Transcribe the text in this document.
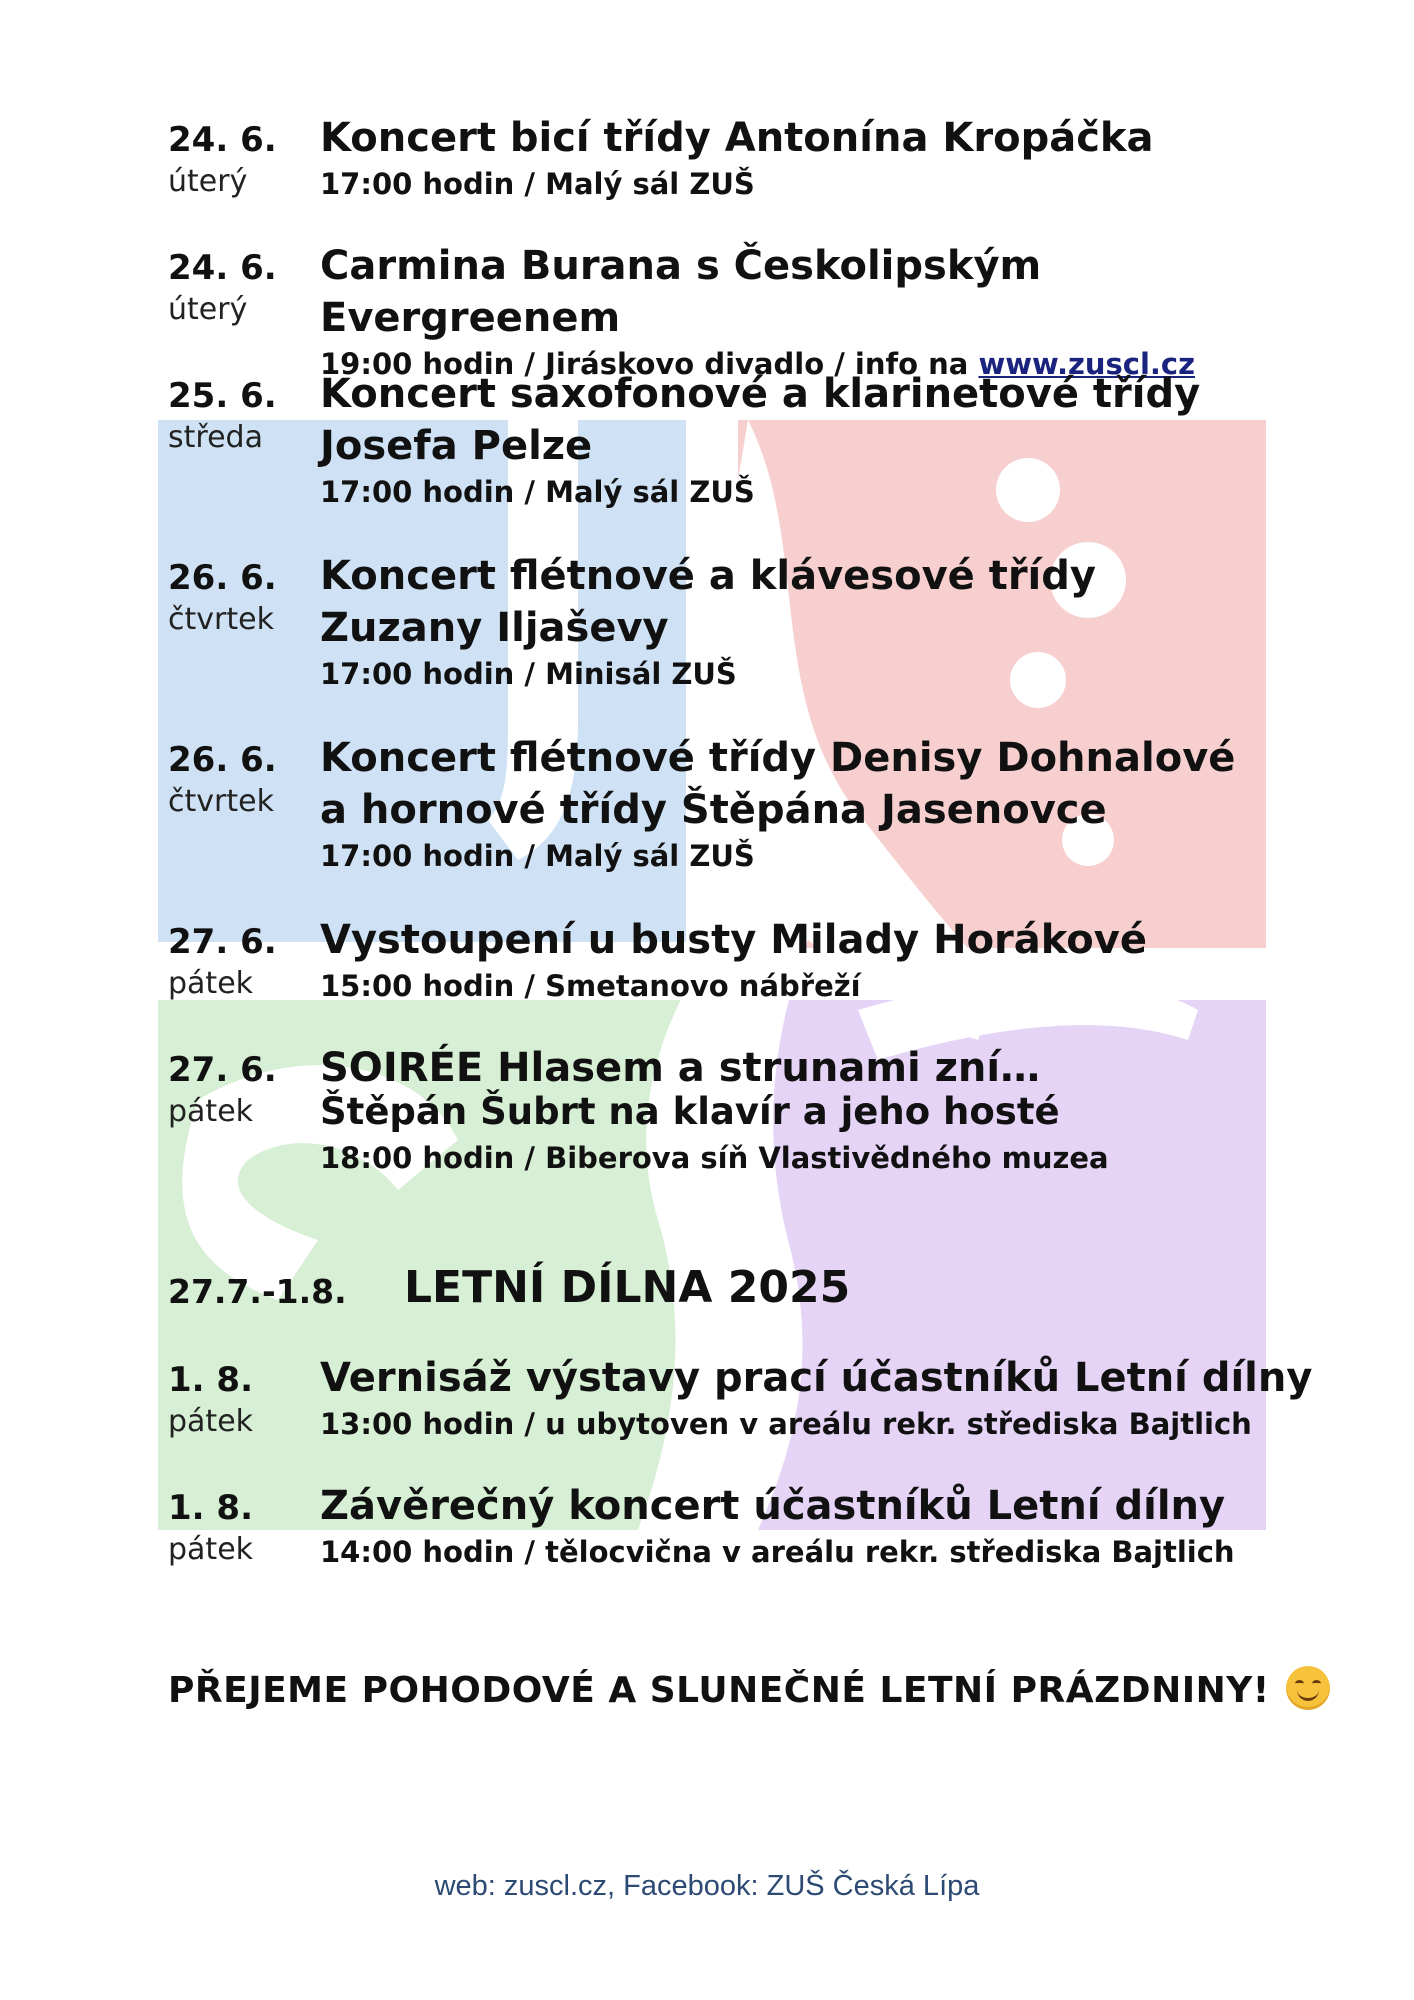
24. 6.
úterý
Koncert bicí třídy Antonína Kropáčka
17:00 hodin / Malý sál ZUŠ
24. 6.
úterý
Carmina Burana s Českolipským Evergreenem
19:00 hodin / Jiráskovo divadlo / info na www.zuscl.cz
25. 6.
středa
Koncert saxofonové a klarinetové třídy
Josefa Pelze
17:00 hodin / Malý sál ZUŠ
26. 6.
čtvrtek
Koncert flétnové a klávesové třídy
Zuzany Iljaševy
17:00 hodin / Minisál ZUŠ
26. 6.
čtvrtek
Koncert flétnové třídy Denisy Dohnalové
a hornové třídy Štěpána Jasenovce
17:00 hodin / Malý sál ZUŠ
27. 6.
pátek
Vystoupení u busty Milady Horákové
15:00 hodin / Smetanovo nábřeží
27. 6.
pátek
SOIRÉE Hlasem a strunami zní…
Štěpán Šubrt na klavír a jeho hosté
18:00 hodin / Biberova síň Vlastivědného muzea
27.7.-1.8. LETNÍ DÍLNA 2025
1. 8.
pátek
Vernisáž výstavy prací účastníků Letní dílny
13:00 hodin / u ubytoven v areálu rekr. střediska Bajtlich
1. 8.
pátek
Závěrečný koncert účastníků Letní dílny
14:00 hodin / tělocvična v areálu rekr. střediska Bajtlich
PŘEJEME POHODOVÉ A SLUNEČNÉ LETNÍ PRÁZDNINY!
web: zuscl.cz, Facebook: ZUŠ Česká Lípa
